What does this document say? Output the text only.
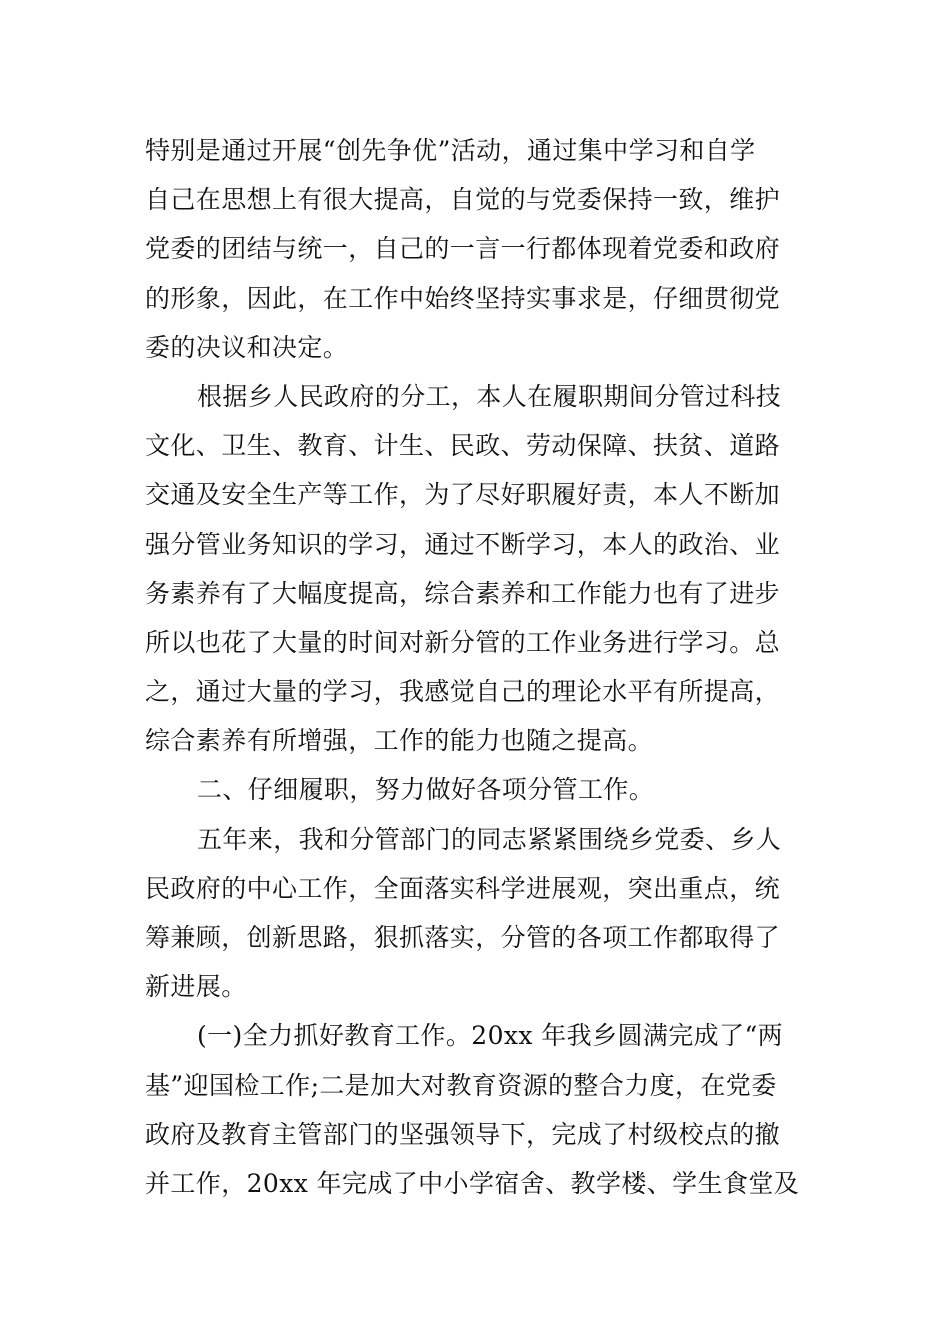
特别是通过开展“创先争优”活动，通过集中学习和自学
自己在思想上有很大提高，自觉的与党委保持一致，维护
党委的团结与统一，自己的一言一行都体现着党委和政府
的形象，因此，在工作中始终坚持实事求是，仔细贯彻党
委的决议和决定。

根据乡人民政府的分工，本人在履职期间分管过科技
文化、卫生、教育、计生、民政、劳动保障、扶贫、道路
交通及安全生产等工作，为了尽好职履好责，本人不断加
强分管业务知识的学习，通过不断学习，本人的政治、业
务素养有了大幅度提高，综合素养和工作能力也有了进步
所以也花了大量的时间对新分管的工作业务进行学习。总
之，通过大量的学习，我感觉自己的理论水平有所提高，
综合素养有所增强，工作的能力也随之提高。

二、仔细履职，努力做好各项分管工作。

五年来，我和分管部门的同志紧紧围绕乡党委、乡人
民政府的中心工作，全面落实科学进展观，突出重点，统
筹兼顾，创新思路，狠抓落实，分管的各项工作都取得了
新进展。

(一)全力抓好教育工作。20xx 年我乡圆满完成了“两
基”迎国检工作;二是加大对教育资源的整合力度，在党委
政府及教育主管部门的坚强领导下，完成了村级校点的撤
并工作，20xx 年完成了中小学宿舍、教学楼、学生食堂及
